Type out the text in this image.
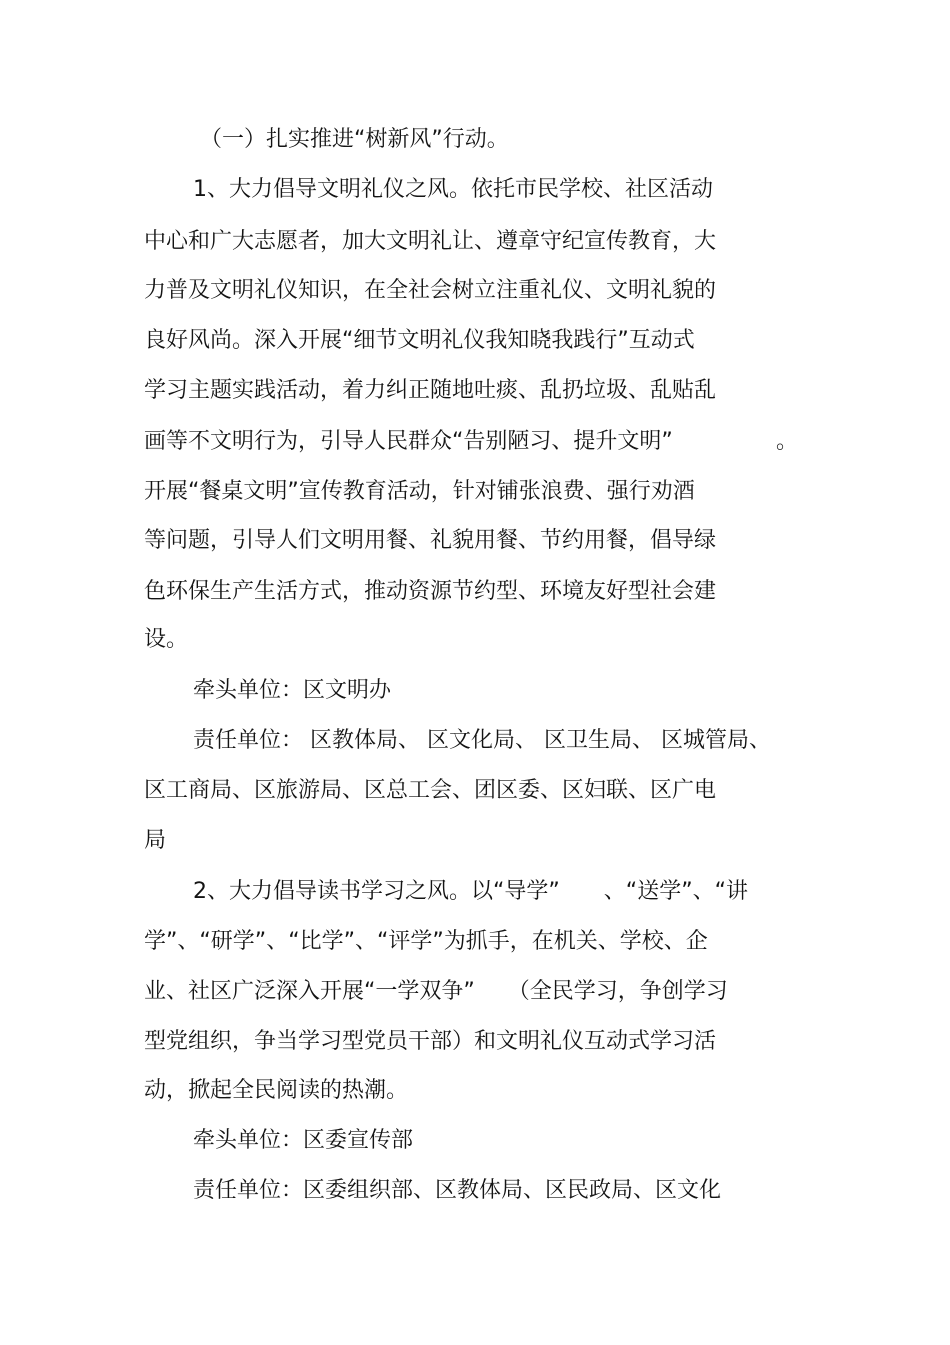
（一）扎实推进“树新风”行动。

1、大力倡导文明礼仪之风。依托市民学校、社区活动

中心和广大志愿者，加大文明礼让、遵章守纪宣传教育，大

力普及文明礼仪知识，在全社会树立注重礼仪、文明礼貌的

良好风尚。深入开展“细节文明礼仪我知晓我践行”互动式

学习主题实践活动，着力纠正随地吐痰、乱扔垃圾、乱贴乱

画等不文明行为，引导人民群众“告别陋习、提升文明”	。

开展“餐桌文明”宣传教育活动，针对铺张浪费、强行劝酒

等问题，引导人们文明用餐、礼貌用餐、节约用餐，倡导绿

色环保生产生活方式，推动资源节约型、环境友好型社会建

设。

牵头单位：区文明办

责任单位： 区教体局、 区文化局、 区卫生局、 区城管局、

区工商局、区旅游局、区总工会、团区委、区妇联、区广电

局

2、大力倡导读书学习之风。以“导学”　　、“送学”、“讲

学”、“研学”、“比学”、“评学”为抓手，在机关、学校、企

业、社区广泛深入开展“一学双争”　　（全民学习，争创学习

型党组织，争当学习型党员干部）和文明礼仪互动式学习活

动，掀起全民阅读的热潮。

牵头单位：区委宣传部

责任单位：区委组织部、区教体局、区民政局、区文化
